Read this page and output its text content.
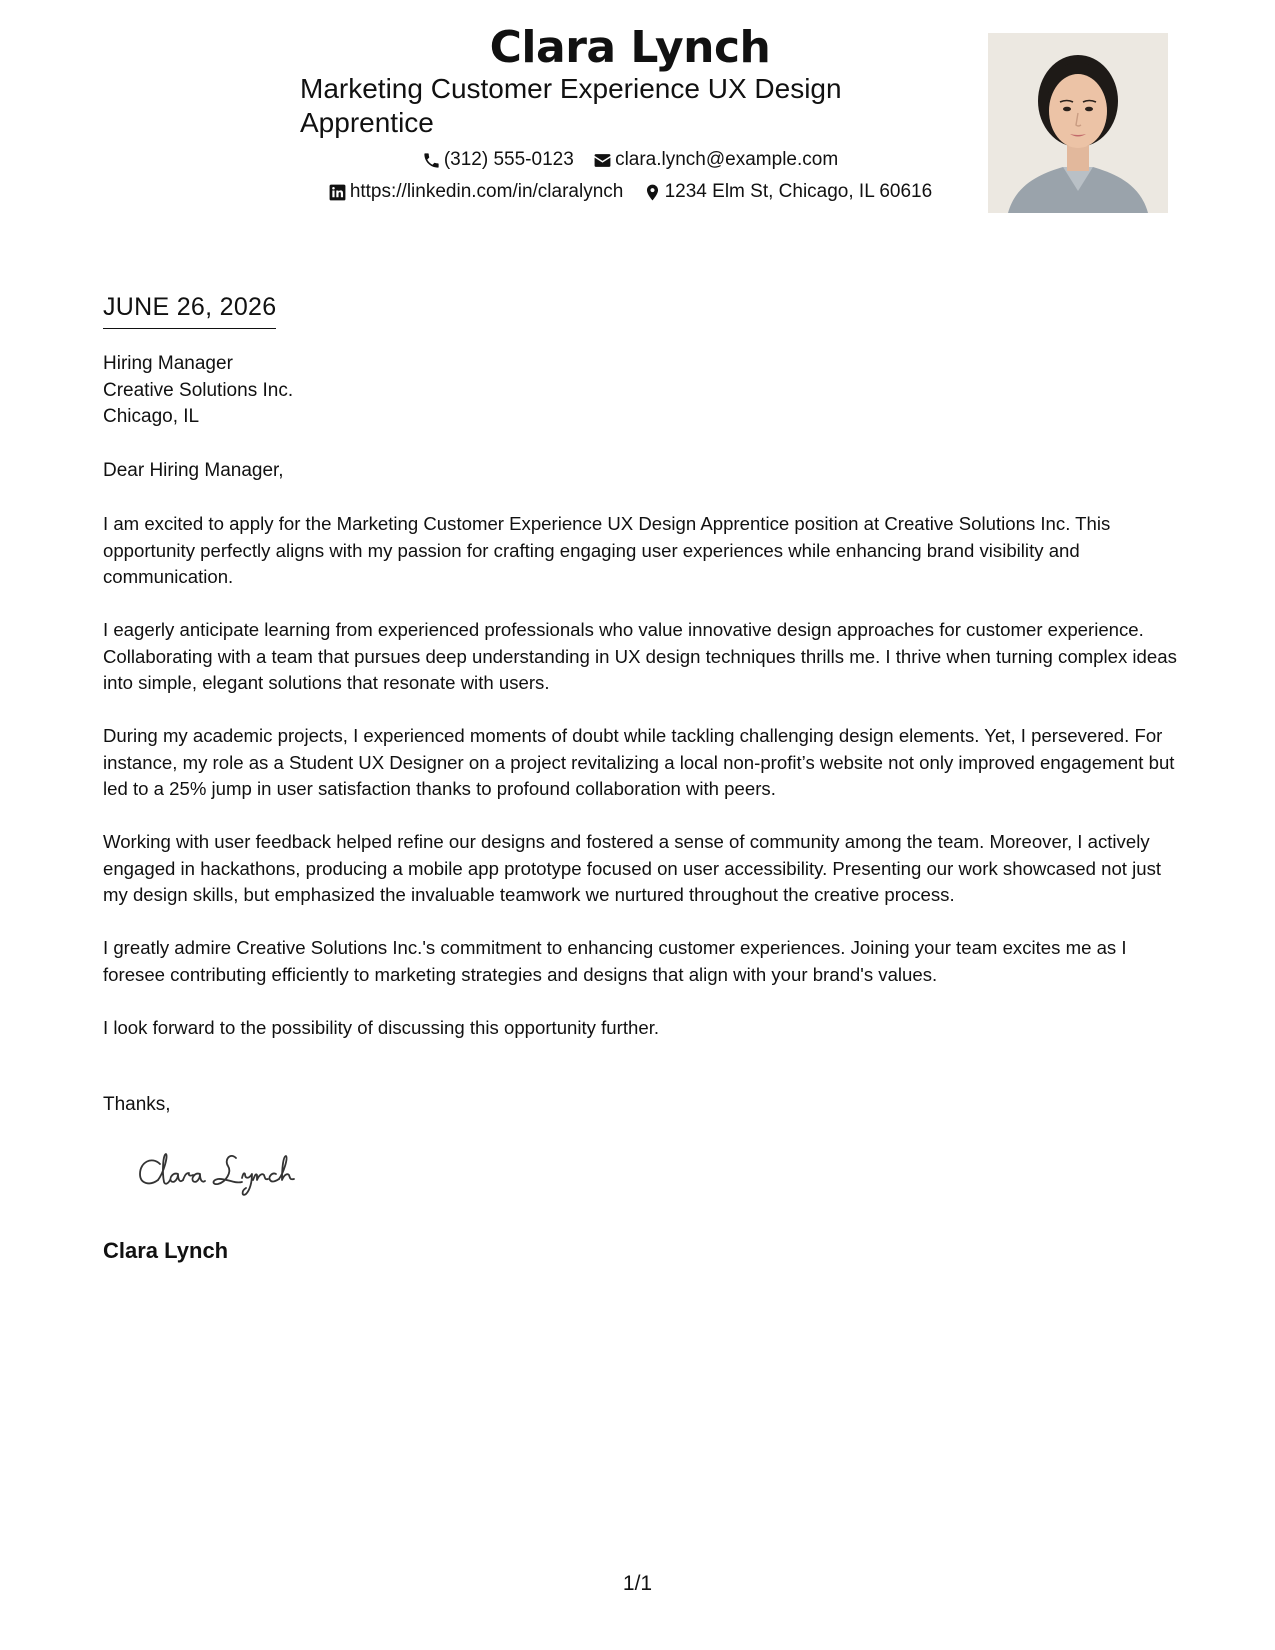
Clara Lynch
Marketing Customer Experience UX Design Apprentice
(312) 555-0123
clara.lynch@example.com
https://linkedin.com/in/claralynch
1234 Elm St, Chicago, IL 60616
JUNE 26, 2026
Hiring Manager
Creative Solutions Inc.
Chicago, IL
Dear Hiring Manager,

I am excited to apply for the Marketing Customer Experience UX Design Apprentice position at Creative Solutions Inc. This opportunity perfectly aligns with my passion for crafting engaging user experiences while enhancing brand visibility and communication.

I eagerly anticipate learning from experienced professionals who value innovative design approaches for customer experience. Collaborating with a team that pursues deep understanding in UX design techniques thrills me. I thrive when turning complex ideas into simple, elegant solutions that resonate with users.

During my academic projects, I experienced moments of doubt while tackling challenging design elements. Yet, I persevered. For instance, my role as a Student UX Designer on a project revitalizing a local non-profit’s website not only improved engagement but led to a 25% jump in user satisfaction thanks to profound collaboration with peers.

Working with user feedback helped refine our designs and fostered a sense of community among the team. Moreover, I actively engaged in hackathons, producing a mobile app prototype focused on user accessibility. Presenting our work showcased not just my design skills, but emphasized the invaluable teamwork we nurtured throughout the creative process.

I greatly admire Creative Solutions Inc.'s commitment to enhancing customer experiences. Joining your team excites me as I foresee contributing efficiently to marketing strategies and designs that align with your brand's values.

I look forward to the possibility of discussing this opportunity further.

Thanks,
Clara Lynch
1/1
